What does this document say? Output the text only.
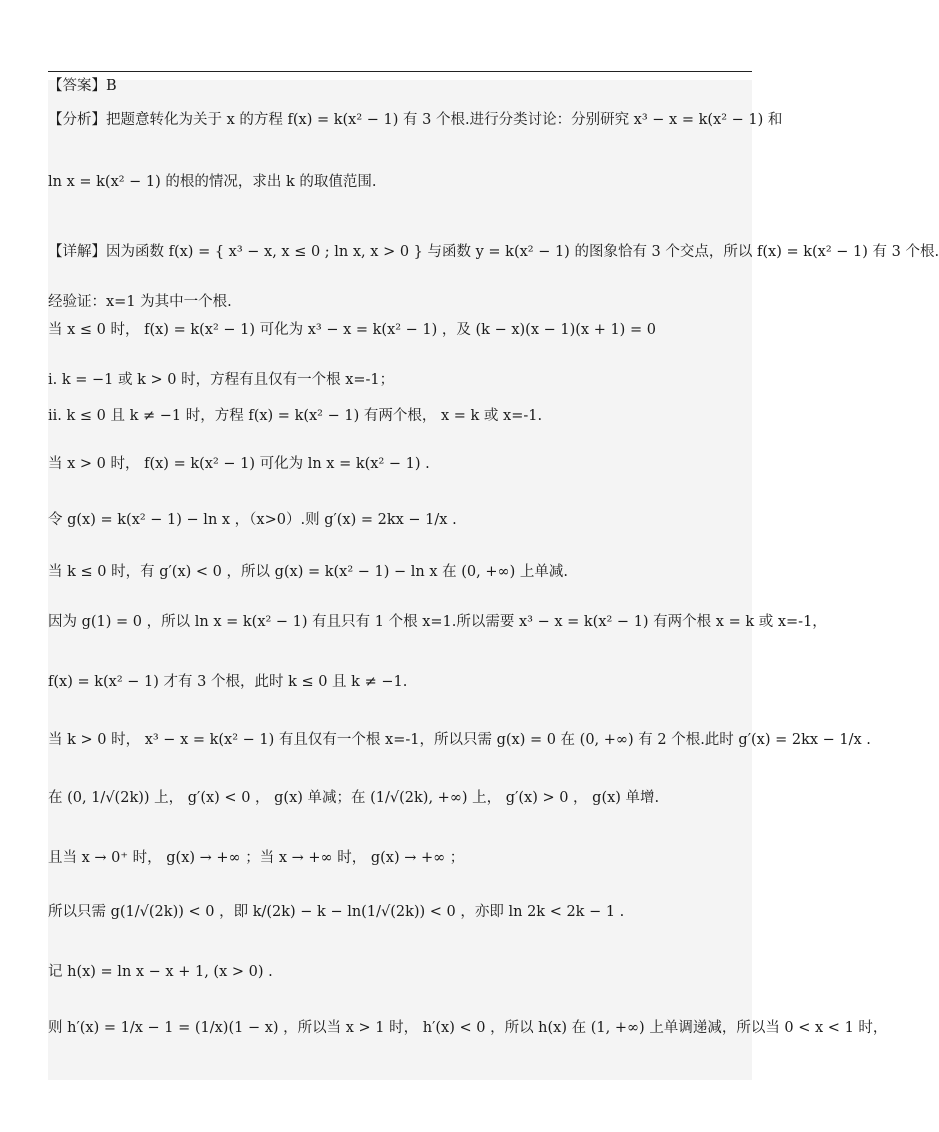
【答案】B
【分析】把题意转化为关于 x 的方程 f(x) = k(x² − 1) 有 3 个根.进行分类讨论：分别研究 x³ − x = k(x² − 1) 和
ln x = k(x² − 1) 的根的情况，求出 k 的取值范围.
【详解】因为函数 f(x) = { x³ − x, x ≤ 0 ; ln x, x > 0 } 与函数 y = k(x² − 1) 的图象恰有 3 个交点，所以 f(x) = k(x² − 1) 有 3 个根.
经验证：x=1 为其中一个根.
当 x ≤ 0 时， f(x) = k(x² − 1) 可化为 x³ − x = k(x² − 1) ，及 (k − x)(x − 1)(x + 1) = 0
i. k = −1 或 k > 0 时，方程有且仅有一个根 x=-1；
ii. k ≤ 0 且 k ≠ −1 时，方程 f(x) = k(x² − 1) 有两个根， x = k 或 x=-1.
当 x > 0 时， f(x) = k(x² − 1) 可化为 ln x = k(x² − 1) .
令 g(x) = k(x² − 1) − ln x ，（x>0）.则 g′(x) = 2kx − 1/x .
当 k ≤ 0 时，有 g′(x) < 0 ，所以 g(x) = k(x² − 1) − ln x 在 (0, +∞) 上单减.
因为 g(1) = 0 ，所以 ln x = k(x² − 1) 有且只有 1 个根 x=1.所以需要 x³ − x = k(x² − 1) 有两个根 x = k 或 x=-1，
f(x) = k(x² − 1) 才有 3 个根，此时 k ≤ 0 且 k ≠ −1.
当 k > 0 时， x³ − x = k(x² − 1) 有且仅有一个根 x=-1，所以只需 g(x) = 0 在 (0, +∞) 有 2 个根.此时 g′(x) = 2kx − 1/x .
在 (0, 1/√(2k)) 上， g′(x) < 0 ， g(x) 单减；在 (1/√(2k), +∞) 上， g′(x) > 0 ， g(x) 单增.
且当 x → 0⁺ 时， g(x) → +∞ ；当 x → +∞ 时， g(x) → +∞ ；
所以只需 g(1/√(2k)) < 0 ，即 k/(2k) − k − ln(1/√(2k)) < 0 ，亦即 ln 2k < 2k − 1 .
记 h(x) = ln x − x + 1, (x > 0) .
则 h′(x) = 1/x − 1 = (1/x)(1 − x) ，所以当 x > 1 时， h′(x) < 0 ，所以 h(x) 在 (1, +∞) 上单调递减，所以当 0 < x < 1 时，
